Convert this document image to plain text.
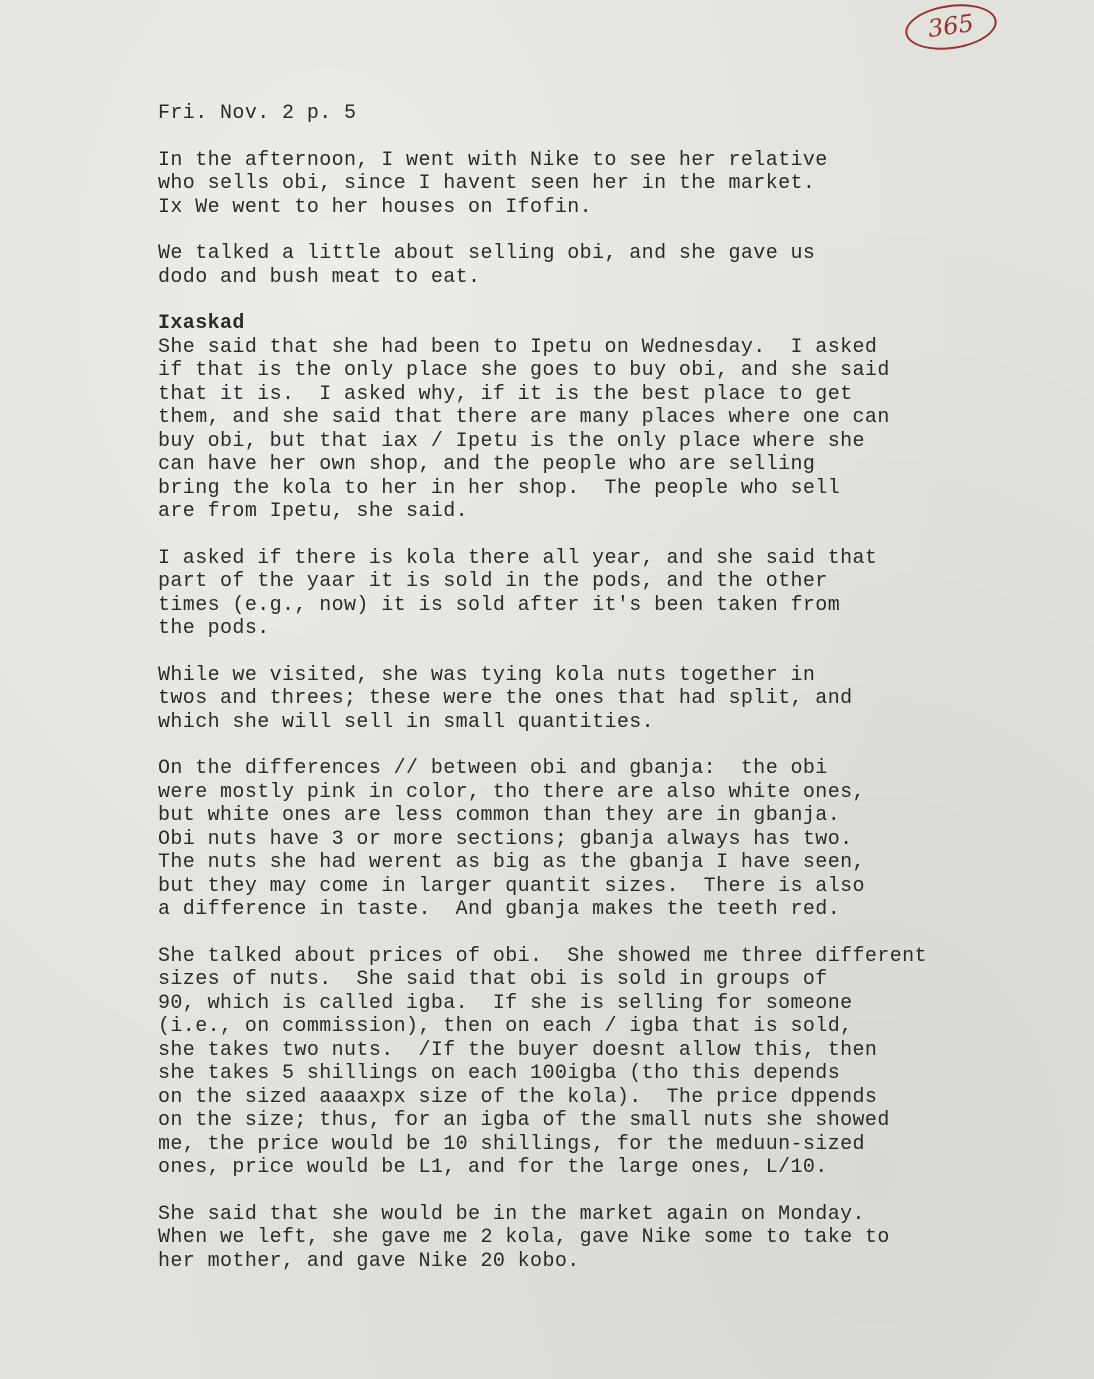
365

Fri. Nov. 2 p. 5

In the afternoon, I went with Nike to see her relative
who sells obi, since I havent seen her in the market.
Ix We went to her houses on Ifofin.

We talked a little about selling obi, and she gave us
dodo and bush meat to eat.

Ixaskad
She said that she had been to Ipetu on Wednesday.  I asked
if that is the only place she goes to buy obi, and she said
that it is.  I asked why, if it is the best place to get
them, and she said that there are many places where one can
buy obi, but that iax / Ipetu is the only place where she
can have her own shop, and the people who are selling
bring the kola to her in her shop.  The people who sell
are from Ipetu, she said.

I asked if there is kola there all year, and she said that
part of the yaar it is sold in the pods, and the other
times (e.g., now) it is sold after it's been taken from
the pods.

While we visited, she was tying kola nuts together in
twos and threes; these were the ones that had split, and
which she will sell in small quantities.

On the differences // between obi and gbanja:  the obi
were mostly pink in color, tho there are also white ones,
but white ones are less common than they are in gbanja.
Obi nuts have 3 or more sections; gbanja always has two.
The nuts she had werent as big as the gbanja I have seen,
but they may come in larger quantit sizes.  There is also
a difference in taste.  And gbanja makes the teeth red.

She talked about prices of obi.  She showed me three different
sizes of nuts.  She said that obi is sold in groups of
90, which is called igba.  If she is selling for someone
(i.e., on commission), then on each / igba that is sold,
she takes two nuts.  /If the buyer doesnt allow this, then
she takes 5 shillings on each 100igba (tho this depends
on the sized aaaaxpx size of the kola).  The price dppends
on the size; thus, for an igba of the small nuts she showed
me, the price would be 10 shillings, for the meduun-sized
ones, price would be L1, and for the large ones, L/10.

She said that she would be in the market again on Monday.
When we left, she gave me 2 kola, gave Nike some to take to
her mother, and gave Nike 20 kobo.
